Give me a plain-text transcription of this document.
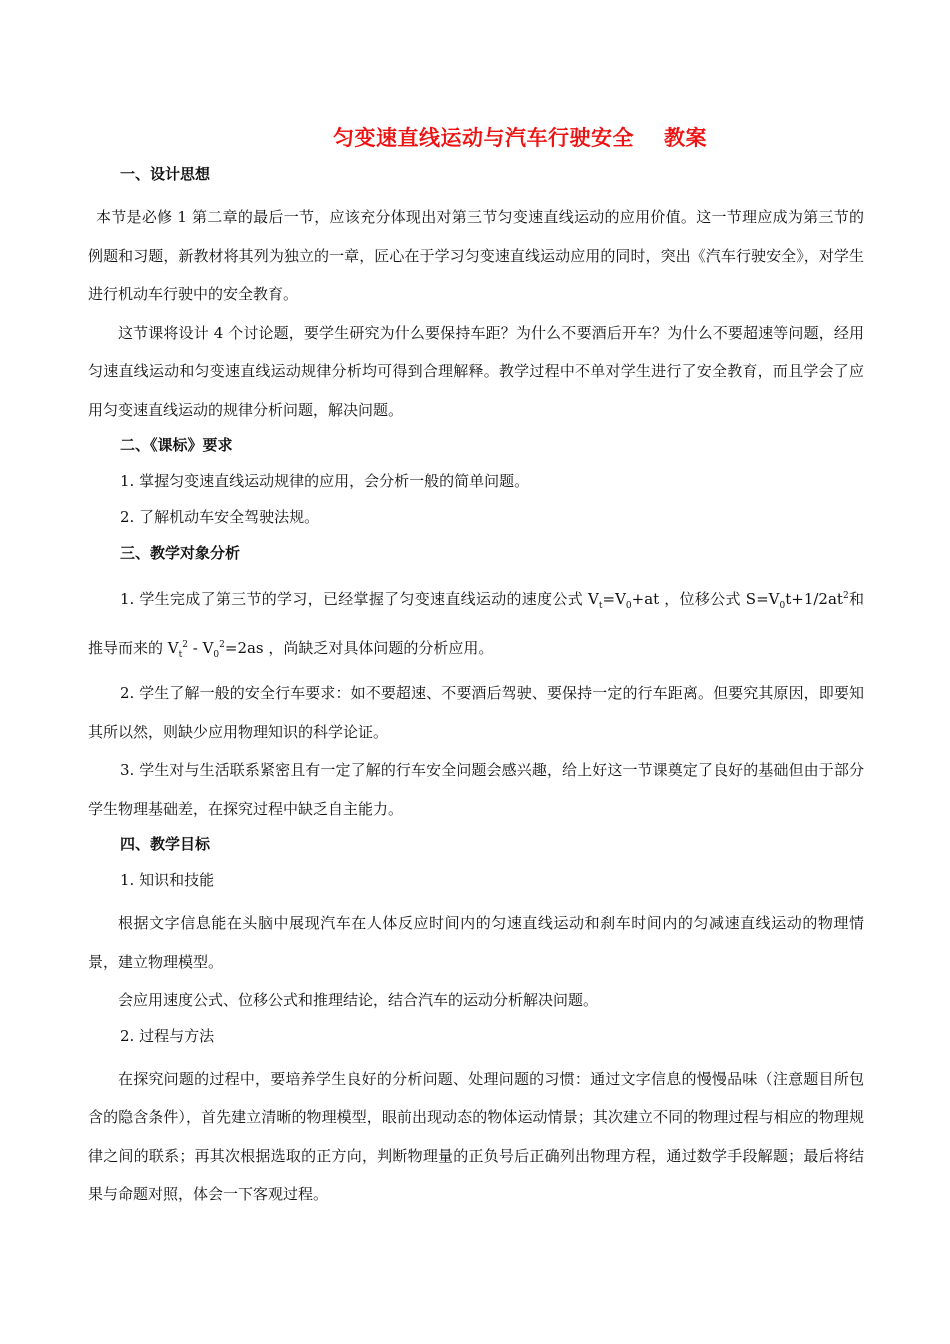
匀变速直线运动与汽车行驶安全 教案
一、设计思想

本节是必修 1 第二章的最后一节，应该充分体现出对第三节匀变速直线运动的应用价值。这一节理应成为第三节的例题和习题，新教材将其列为独立的一章，匠心在于学习匀变速直线运动应用的同时，突出《汽车行驶安全》，对学生进行机动车行驶中的安全教育。

这节课将设计 4 个讨论题，要学生研究为什么要保持车距？为什么不要酒后开车？为什么不要超速等问题，经用匀速直线运动和匀变速直线运动规律分析均可得到合理解释。教学过程中不单对学生进行了安全教育，而且学会了应用匀变速直线运动的规律分析问题，解决问题。

二、《课标》要求
1. 掌握匀变速直线运动规律的应用，会分析一般的简单问题。
2. 了解机动车安全驾驶法规。
三、教学对象分析

1. 学生完成了第三节的学习，已经掌握了匀变速直线运动的速度公式 $V_t=V_0+at$ ，位移公式 $S=V_0t+1/2at^2$和推导而来的 $V_t^2 - V_0^2=2as$ ，尚缺乏对具体问题的分析应用。

2. 学生了解一般的安全行车要求：如不要超速、不要酒后驾驶、要保持一定的行车距离。但要究其原因，即要知其所以然，则缺少应用物理知识的科学论证。

3. 学生对与生活联系紧密且有一定了解的行车安全问题会感兴趣，给上好这一节课奠定了良好的基础但由于部分学生物理基础差，在探究过程中缺乏自主能力。

四、教学目标
1. 知识和技能

根据文字信息能在头脑中展现汽车在人体反应时间内的匀速直线运动和刹车时间内的匀减速直线运动的物理情景，建立物理模型。

会应用速度公式、位移公式和推理结论，结合汽车的运动分析解决问题。

2. 过程与方法

在探究问题的过程中，要培养学生良好的分析问题、处理问题的习惯：通过文字信息的慢慢品味（注意题目所包含的隐含条件），首先建立清晰的物理模型，眼前出现动态的物体运动情景；其次建立不同的物理过程与相应的物理规律之间的联系；再其次根据选取的正方向，判断物理量的正负号后正确列出物理方程，通过数学手段解题；最后将结果与命题对照，体会一下客观过程。
